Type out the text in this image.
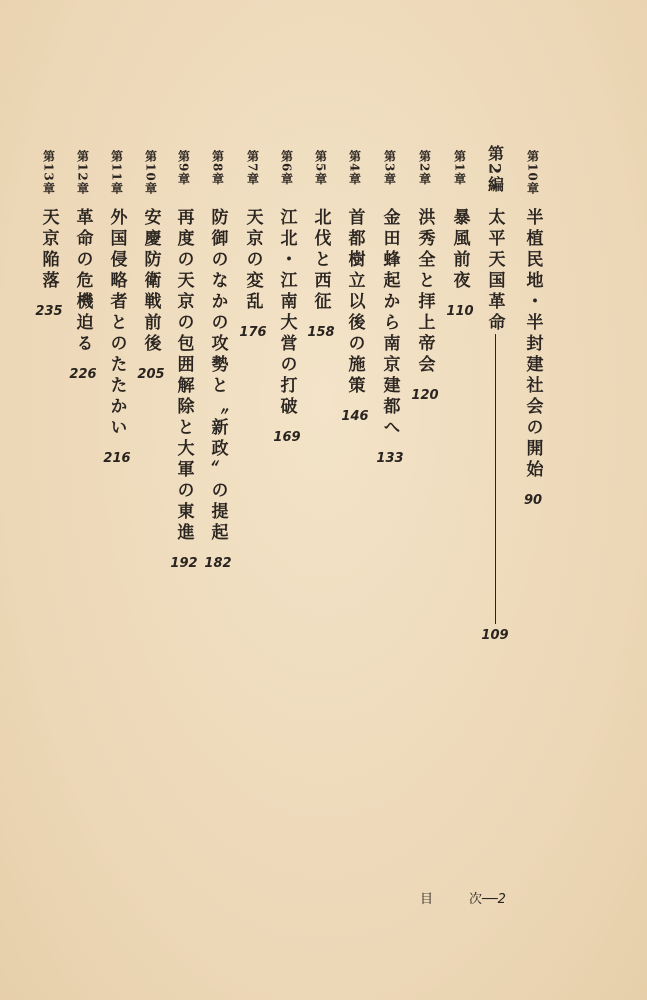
第10章
半植民地・半封建社会の開始
90
第2編
太平天国革命
109
第1章
暴風前夜
110
第2章
洪秀全と拝上帝会
120
第3章
金田蜂起から南京建都へ
133
第4章
首都樹立以後の施策
146
第5章
北伐と西征
158
第6章
江北・江南大営の打破
169
第7章
天京の変乱
176
第8章
防御のなかの攻勢と〝新政〟の提起
182
第9章
再度の天京の包囲解除と大軍の東進
192
第10章
安慶防衛戦前後
205
第11章
外国侵略者とのたたかい
216
第12章
革命の危機迫る
226
第13章
天京陥落
235
目	次──2
